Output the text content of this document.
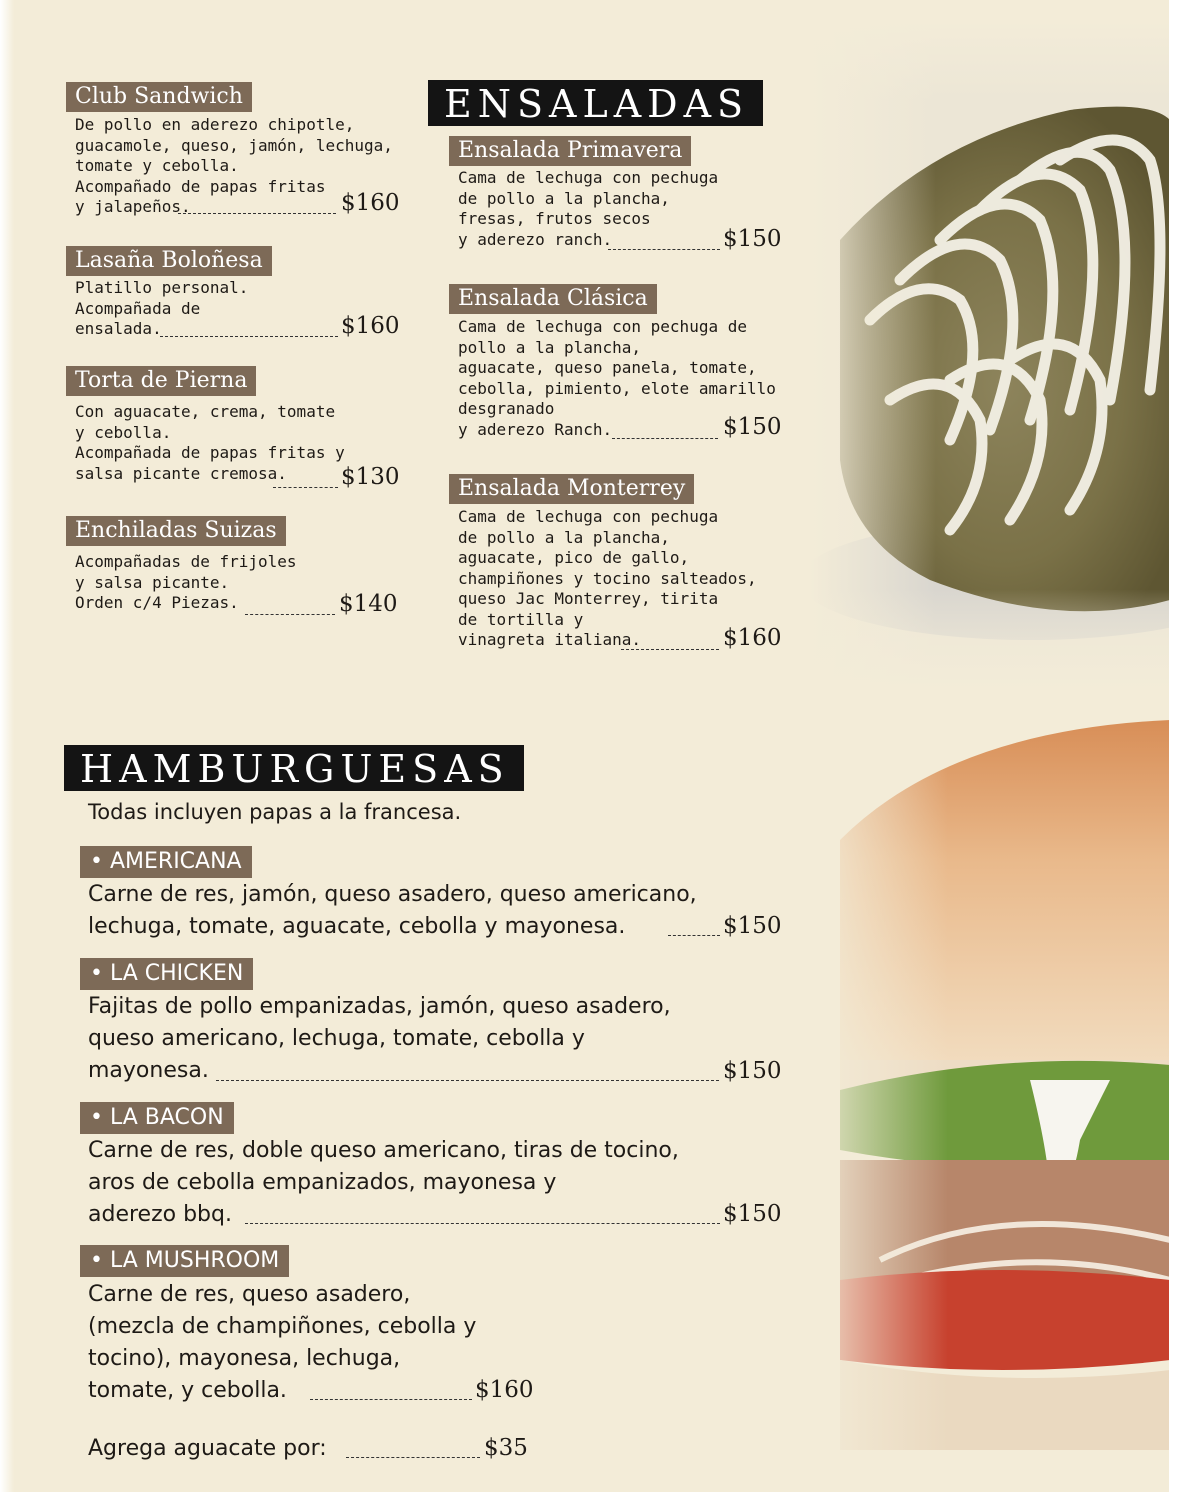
Club Sandwich
De pollo en aderezo chipotle,
guacamole, queso, jamón, lechuga,
tomate y cebolla.
Acompañado de papas fritas
y jalapeños.	$160
Lasaña Boloñesa
Platillo personal.
Acompañada de
ensalada.	$160
Torta de Pierna
Con aguacate, crema, tomate
y cebolla.
Acompañada de papas fritas y
salsa picante cremosa.	$130
Enchiladas Suizas
Acompañadas de frijoles
y salsa picante.
Orden c/4 Piezas.	$140
ENSALADAS
Ensalada Primavera
Cama de lechuga con pechuga
de pollo a la plancha,
fresas, frutos secos
y aderezo ranch.	$150
Ensalada Clásica
Cama de lechuga con pechuga de
pollo a la plancha,
aguacate, queso panela, tomate,
cebolla, pimiento, elote amarillo
desgranado
y aderezo Ranch.	$150
Ensalada Monterrey
Cama de lechuga con pechuga
de pollo a la plancha,
aguacate, pico de gallo,
champiñones y tocino salteados,
queso Jac Monterrey, tirita
de tortilla y
vinagreta italiana.	$160
HAMBURGUESAS
Todas incluyen papas a la francesa.
• AMERICANA
Carne de res, jamón, queso asadero, queso americano,
lechuga, tomate, aguacate, cebolla y mayonesa.	$150
• LA CHICKEN
Fajitas de pollo empanizadas, jamón, queso asadero,
queso americano, lechuga, tomate, cebolla y
mayonesa.	$150
• LA BACON
Carne de res, doble queso americano, tiras de tocino,
aros de cebolla empanizados, mayonesa y
aderezo bbq.	$150
• LA MUSHROOM
Carne de res, queso asadero,
(mezcla de champiñones, cebolla y
tocino), mayonesa, lechuga,
tomate, y cebolla.	$160
Agrega aguacate por:	$35
